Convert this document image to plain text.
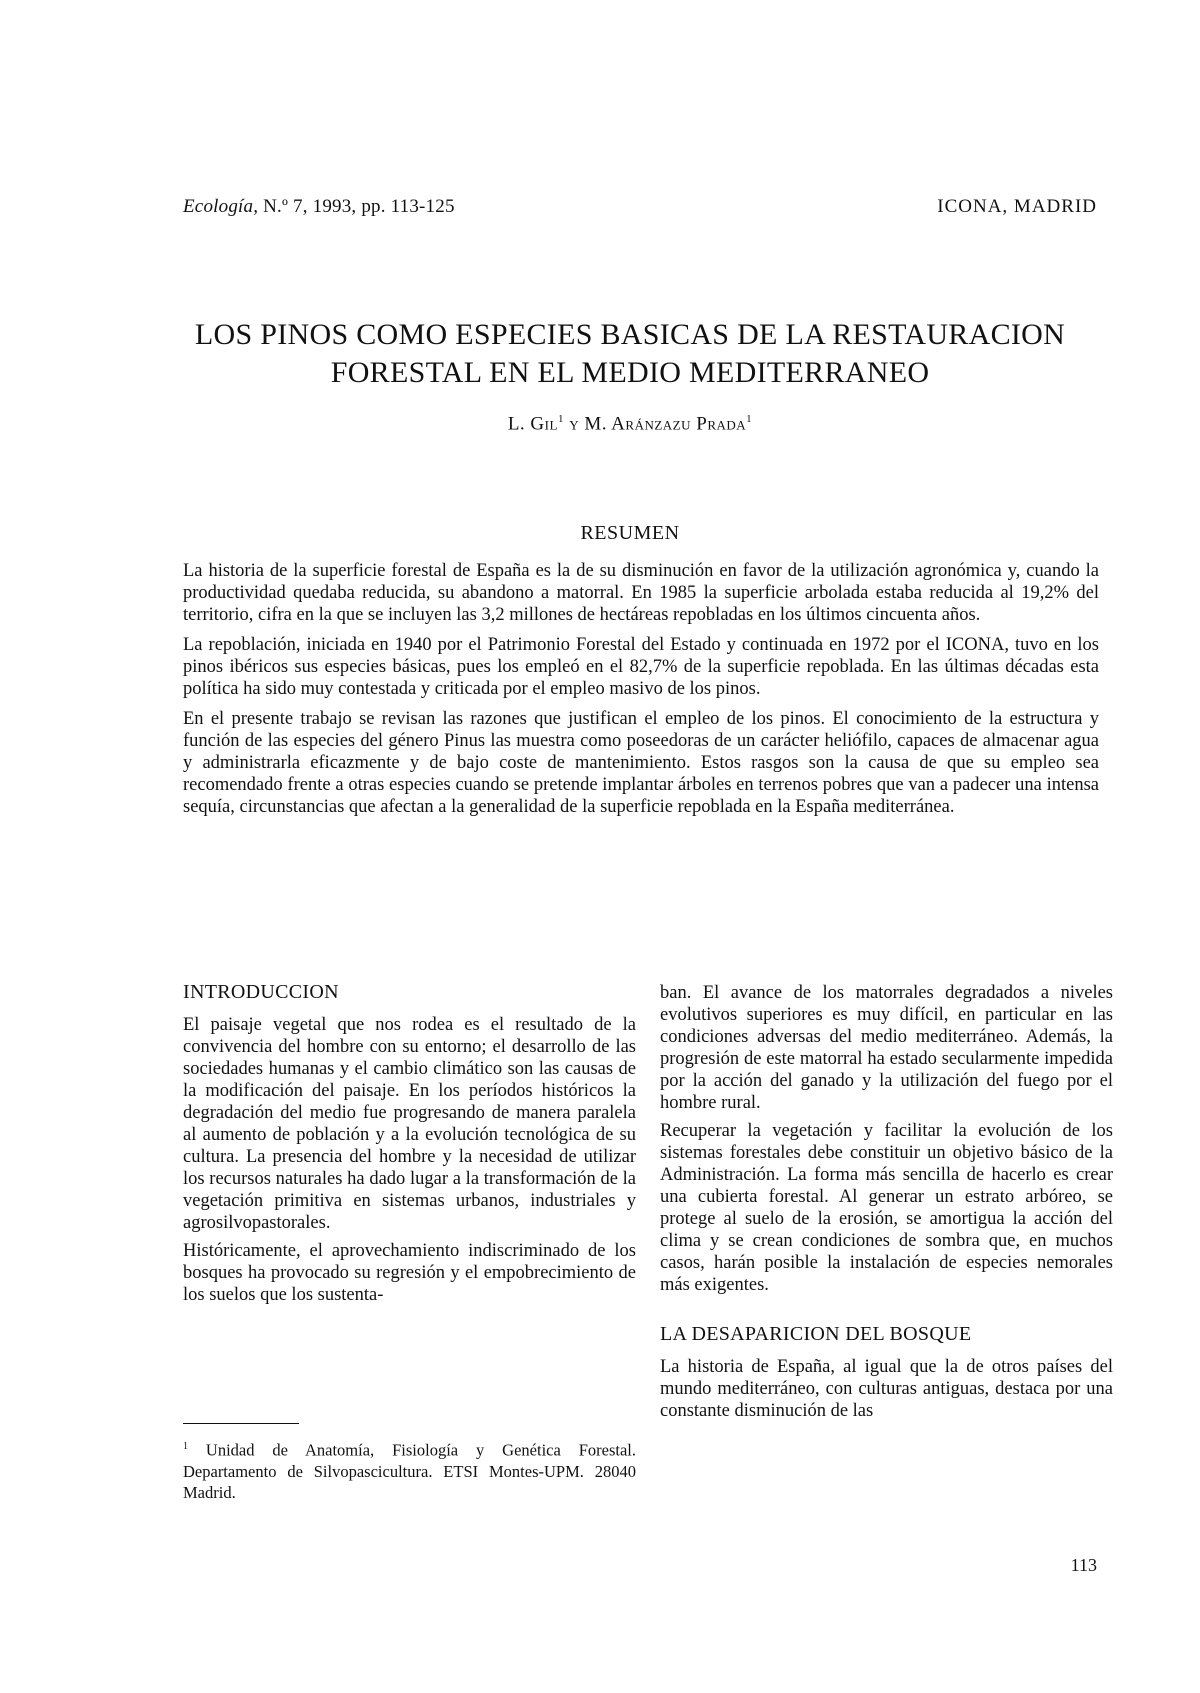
Ecología, N.º 7, 1993, pp. 113-125	ICONA, MADRID
LOS PINOS COMO ESPECIES BASICAS DE LA RESTAURACION
FORESTAL EN EL MEDIO MEDITERRANEO
L. Gil$^1$ y M. Aránzazu Prada$^1$
RESUMEN

La historia de la superficie forestal de España es la de su disminución en favor de la utilización agronómica y, cuando la productividad quedaba reducida, su abandono a matorral. En 1985 la superficie arbolada estaba reducida al 19,2% del territorio, cifra en la que se incluyen las 3,2 millones de hectáreas repobladas en los últimos cincuenta años.

La repoblación, iniciada en 1940 por el Patrimonio Forestal del Estado y continuada en 1972 por el ICONA, tuvo en los pinos ibéricos sus especies básicas, pues los empleó en el 82,7% de la superficie repoblada. En las últimas décadas esta política ha sido muy contestada y criticada por el empleo masivo de los pinos.

En el presente trabajo se revisan las razones que justifican el empleo de los pinos. El conocimiento de la estructura y función de las especies del género Pinus las muestra como poseedoras de un carácter heliófilo, capaces de almacenar agua y administrarla eficazmente y de bajo coste de mantenimiento. Estos rasgos son la causa de que su empleo sea recomendado frente a otras especies cuando se pretende implantar árboles en terrenos pobres que van a padecer una intensa sequía, circunstancias que afectan a la generalidad de la superficie repoblada en la España mediterránea.

INTRODUCCION

El paisaje vegetal que nos rodea es el resultado de la convivencia del hombre con su entorno; el desarrollo de las sociedades humanas y el cambio climático son las causas de la modificación del paisaje. En los períodos históricos la degradación del medio fue progresando de manera paralela al aumento de población y a la evolución tecnológica de su cultura. La presencia del hombre y la necesidad de utilizar los recursos naturales ha dado lugar a la transformación de la vegetación primitiva en sistemas urbanos, industriales y agrosilvopastorales.

Históricamente, el aprovechamiento indiscriminado de los bosques ha provocado su regresión y el empobrecimiento de los suelos que los sustenta-

ban. El avance de los matorrales degradados a niveles evolutivos superiores es muy difícil, en particular en las condiciones adversas del medio mediterráneo. Además, la progresión de este matorral ha estado secularmente impedida por la acción del ganado y la utilización del fuego por el hombre rural.

Recuperar la vegetación y facilitar la evolución de los sistemas forestales debe constituir un objetivo básico de la Administración. La forma más sencilla de hacerlo es crear una cubierta forestal. Al generar un estrato arbóreo, se protege al suelo de la erosión, se amortigua la acción del clima y se crean condiciones de sombra que, en muchos casos, harán posible la instalación de especies nemorales más exigentes.

LA DESAPARICION DEL BOSQUE

La historia de España, al igual que la de otros países del mundo mediterráneo, con culturas antiguas, destaca por una constante disminución de las

$^1$ Unidad de Anatomía, Fisiología y Genética Forestal. Departamento de Silvopascicultura. ETSI Montes-UPM. 28040 Madrid.
113
